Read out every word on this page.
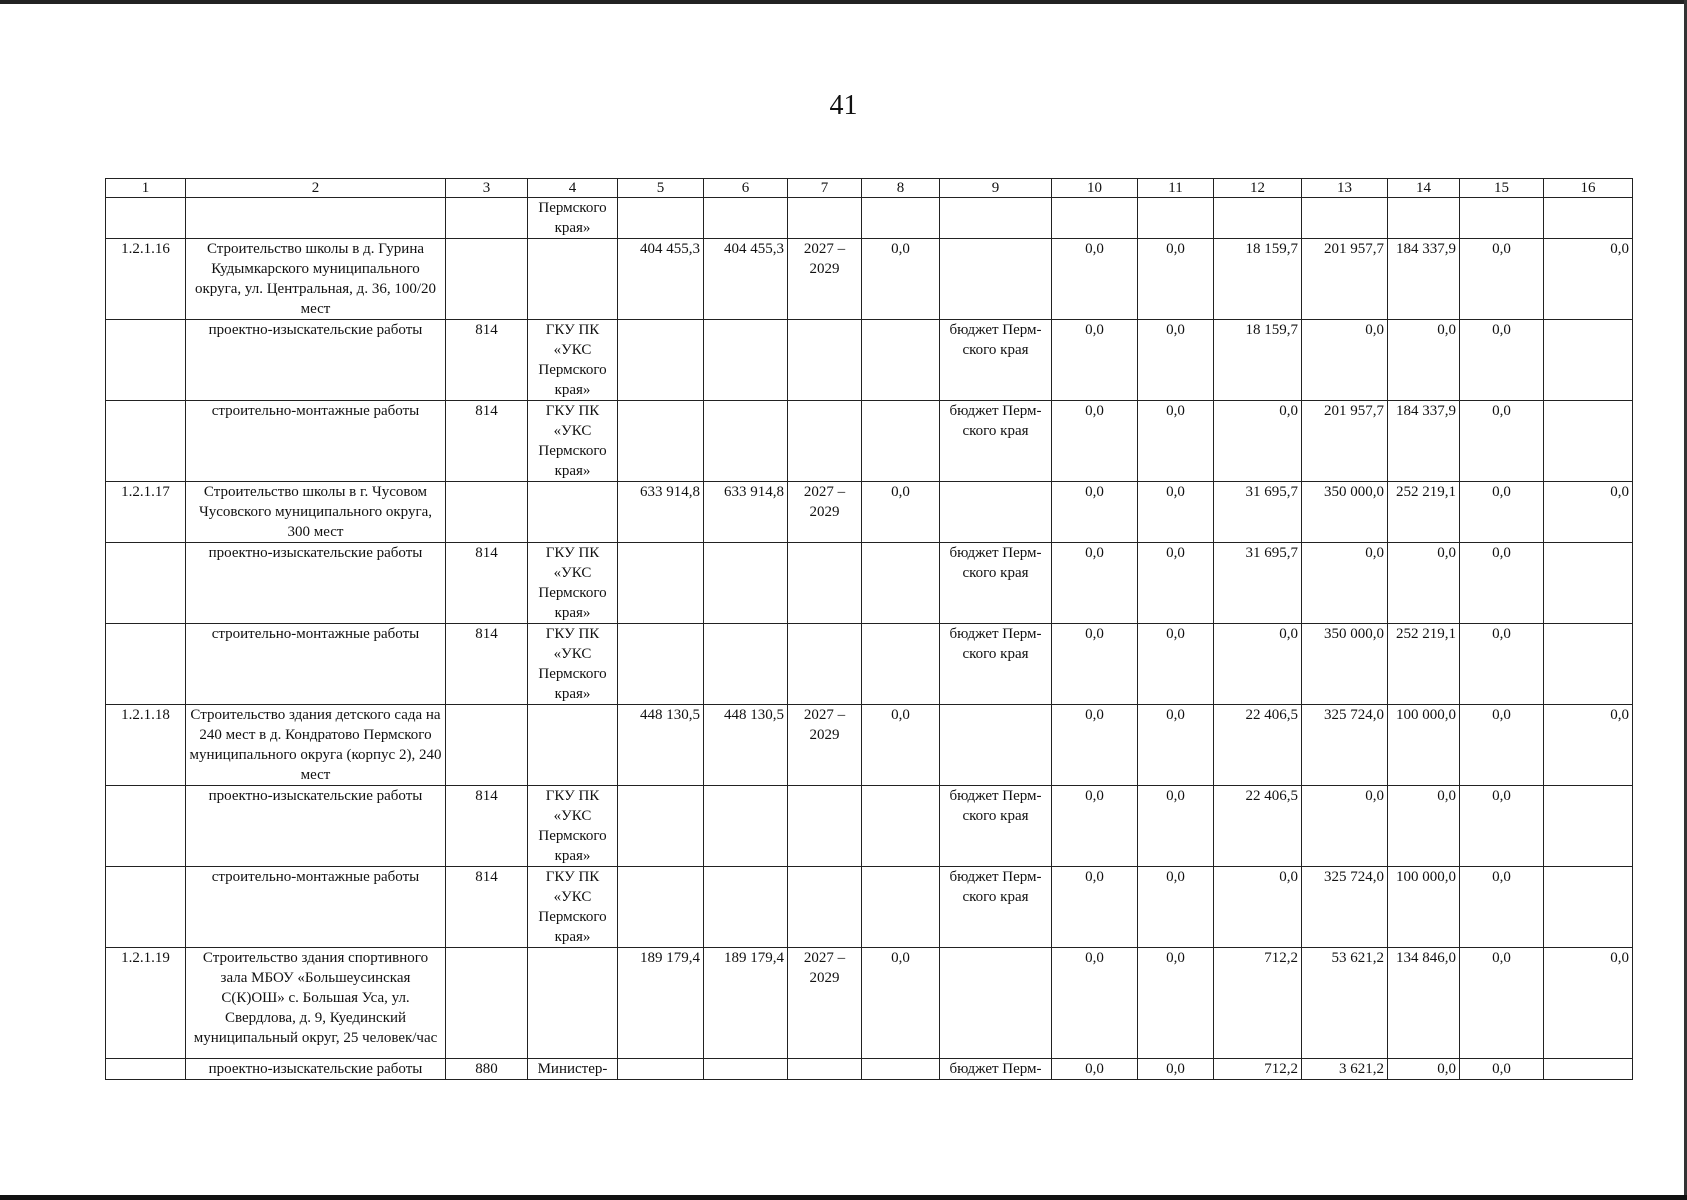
41
1	2	3	4	5	6	7	8	9	10	11	12	13	14	15	16
			Пермского края»												
1.2.1.16	Строительство школы в д. Гурина Кудымкарского муниципального округа, ул. Центральная, д. 36, 100/20 мест			404 455,3	404 455,3	2027 – 2029	0,0		0,0	0,0	18 159,7	201 957,7	184 337,9	0,0	0,0
	проектно-изыскательские работы	814	ГКУ ПК «УКС Пермского края»					бюджет Перм-ского края	0,0	0,0	18 159,7	0,0	0,0	0,0	
	строительно-монтажные работы	814	ГКУ ПК «УКС Пермского края»					бюджет Перм-ского края	0,0	0,0	0,0	201 957,7	184 337,9	0,0	
1.2.1.17	Строительство школы в г. Чусовом Чусовского муниципального округа, 300 мест			633 914,8	633 914,8	2027 – 2029	0,0		0,0	0,0	31 695,7	350 000,0	252 219,1	0,0	0,0
	проектно-изыскательские работы	814	ГКУ ПК «УКС Пермского края»					бюджет Перм-ского края	0,0	0,0	31 695,7	0,0	0,0	0,0	
	строительно-монтажные работы	814	ГКУ ПК «УКС Пермского края»					бюджет Перм-ского края	0,0	0,0	0,0	350 000,0	252 219,1	0,0	
1.2.1.18	Строительство здания детского сада на 240 мест в д. Кондратово Пермского муниципального округа (корпус 2), 240 мест			448 130,5	448 130,5	2027 – 2029	0,0		0,0	0,0	22 406,5	325 724,0	100 000,0	0,0	0,0
	проектно-изыскательские работы	814	ГКУ ПК «УКС Пермского края»					бюджет Перм-ского края	0,0	0,0	22 406,5	0,0	0,0	0,0	
	строительно-монтажные работы	814	ГКУ ПК «УКС Пермского края»					бюджет Перм-ского края	0,0	0,0	0,0	325 724,0	100 000,0	0,0	
1.2.1.19	Строительство здания спортивного зала МБОУ «Большеусинская С(К)ОШ» с. Большая Уса, ул. Свердлова, д. 9, Куединский муниципальный округ, 25 человек/час			189 179,4	189 179,4	2027 – 2029	0,0		0,0	0,0	712,2	53 621,2	134 846,0	0,0	0,0
	проектно-изыскательские работы	880	Министер-					бюджет Перм-	0,0	0,0	712,2	3 621,2	0,0	0,0	
